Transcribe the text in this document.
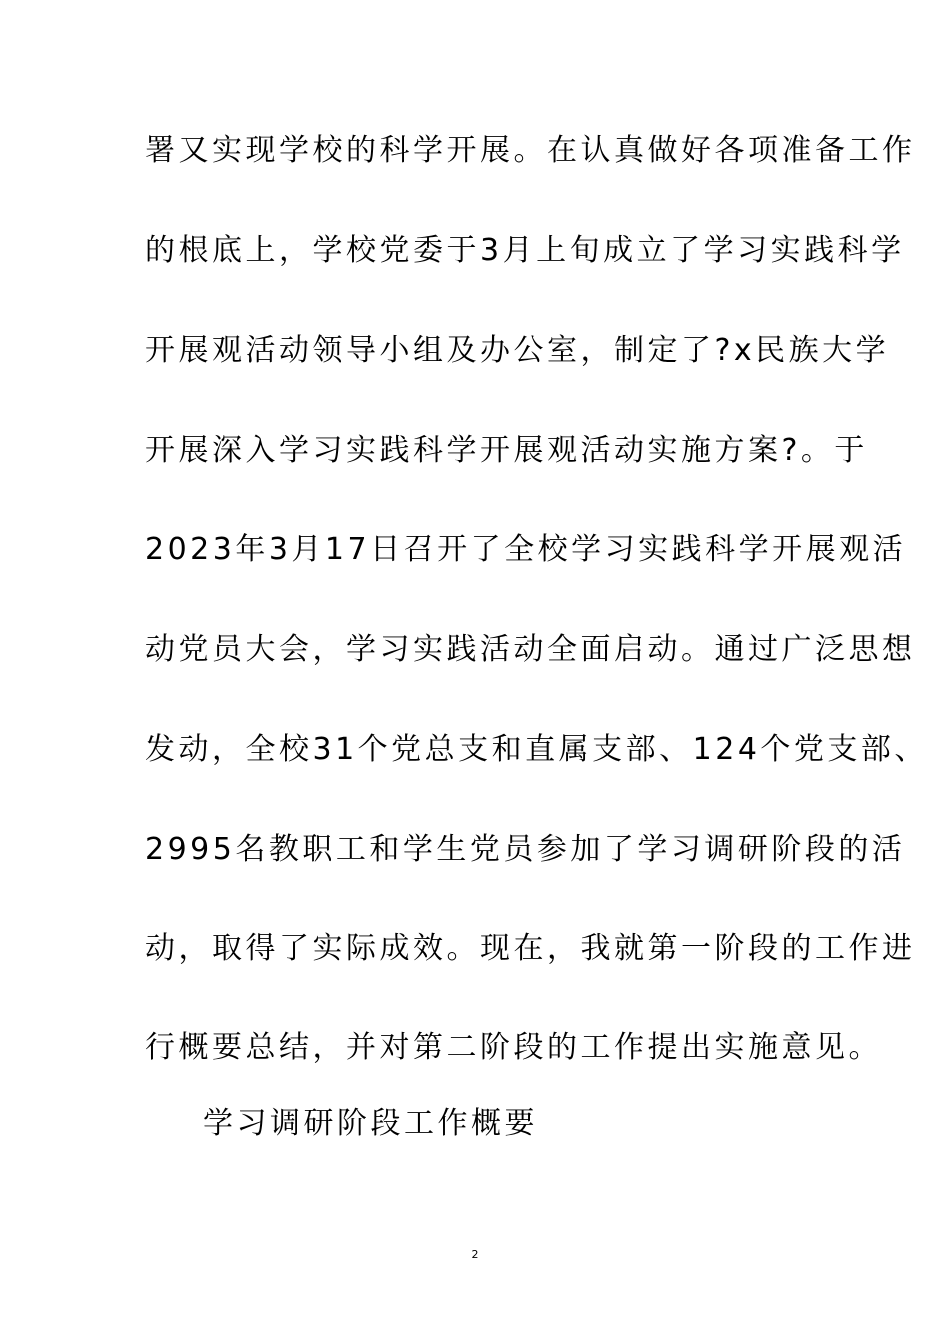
署又实现学校的科学开展。在认真做好各项准备工作
的根底上，学校党委于3月上旬成立了学习实践科学
开展观活动领导小组及办公室，制定了?x民族大学
开展深入学习实践科学开展观活动实施方案?。于
2023年3月17日召开了全校学习实践科学开展观活
动党员大会，学习实践活动全面启动。通过广泛思想
发动，全校31个党总支和直属支部、124个党支部、
2995名教职工和学生党员参加了学习调研阶段的活
动，取得了实际成效。现在，我就第一阶段的工作进
行概要总结，并对第二阶段的工作提出实施意见。
学习调研阶段工作概要
2
